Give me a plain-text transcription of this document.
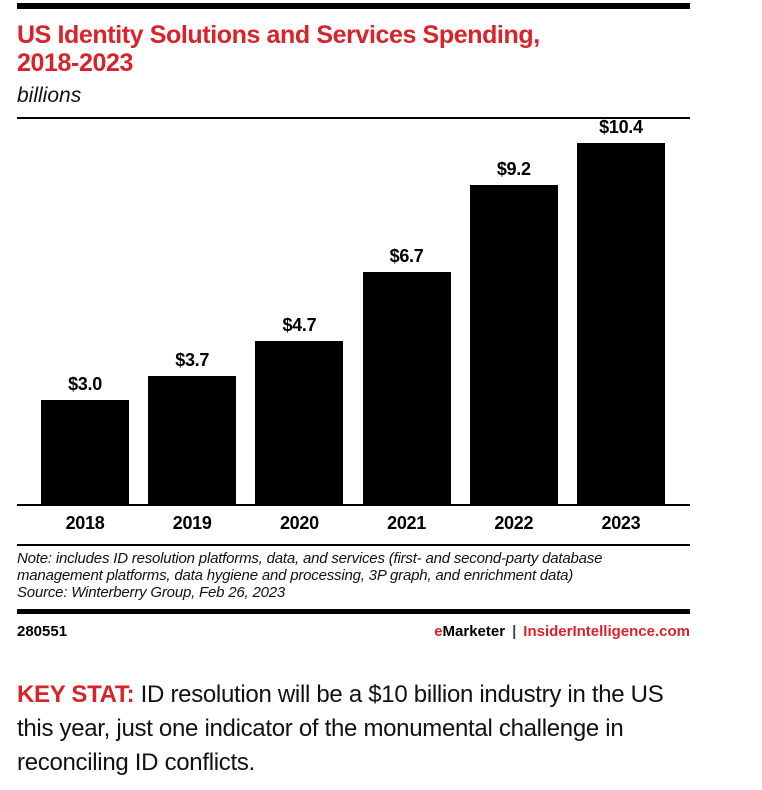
US Identity Solutions and Services Spending,
2018-2023
billions
$3.0
$3.7
$4.7
$6.7
$9.2
$10.4
2018	2019	2020	2021	2022	2023
Note: includes ID resolution platforms, data, and services (first- and second-party database management platforms, data hygiene and processing, 3P graph, and enrichment data)
Source: Winterberry Group, Feb 26, 2023
280551	eMarketer | InsiderIntelligence.com

KEY STAT: ID resolution will be a $10 billion industry in the US this year, just one indicator of the monumental challenge in reconciling ID conflicts.
